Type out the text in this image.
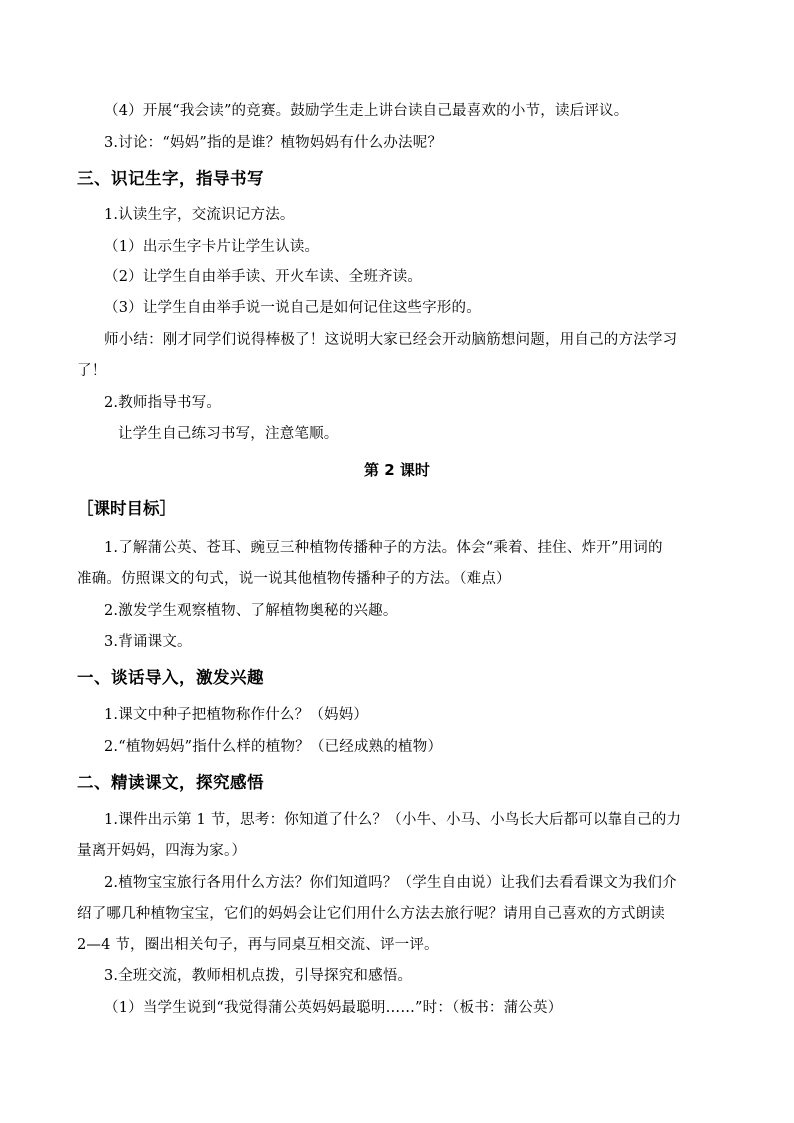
（4）开展“我会读”的竞赛。鼓励学生走上讲台读自己最喜欢的小节，读后评议。
3.讨论：“妈妈”指的是谁？植物妈妈有什么办法呢？
三、识记生字，指导书写
1.认读生字，交流识记方法。
（1）出示生字卡片让学生认读。
（2）让学生自由举手读、开火车读、全班齐读。
（3）让学生自由举手说一说自己是如何记住这些字形的。
师小结：刚才同学们说得棒极了！这说明大家已经会开动脑筋想问题，用自己的方法学习
了！
2.教师指导书写。
让学生自己练习书写，注意笔顺。
第 2 课时
［课时目标］
1.了解蒲公英、苍耳、豌豆三种植物传播种子的方法。体会“乘着、挂住、炸开”用词的
准确。仿照课文的句式，说一说其他植物传播种子的方法。（难点）
2.激发学生观察植物、了解植物奥秘的兴趣。
3.背诵课文。
一、谈话导入，激发兴趣
1.课文中种子把植物称作什么？（妈妈）
2.“植物妈妈”指什么样的植物？（已经成熟的植物）
二、精读课文，探究感悟
1.课件出示第 1 节，思考：你知道了什么？（小牛、小马、小鸟长大后都可以靠自己的力
量离开妈妈，四海为家。）
2.植物宝宝旅行各用什么方法？你们知道吗？（学生自由说）让我们去看看课文为我们介
绍了哪几种植物宝宝，它们的妈妈会让它们用什么方法去旅行呢？请用自己喜欢的方式朗读
2—4 节，圈出相关句子，再与同桌互相交流、评一评。
3.全班交流，教师相机点拨，引导探究和感悟。
（1）当学生说到“我觉得蒲公英妈妈最聪明……”时：（板书：蒲公英）
